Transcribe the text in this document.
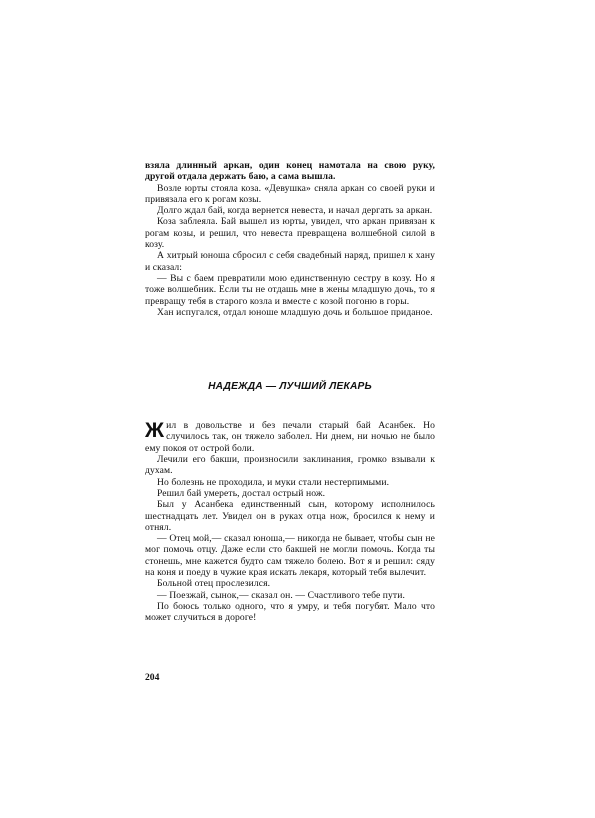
взяла длинный аркан, один конец намотала на свою руку, другой отдала держать баю, а сама вышла.

Возле юрты стояла коза. «Девушка» сняла аркан со своей руки и привязала его к рогам козы.

Долго ждал бай, когда вернется невеста, и начал дергать за аркан.

Коза заблеяла. Бай вышел из юрты, увидел, что аркан привязан к рогам козы, и решил, что невеста превращена волшебной силой в козу.

А хитрый юноша сбросил с себя свадебный наряд, пришел к хану и сказал:

— Вы с баем превратили мою единственную сестру в козу. Но я тоже волшебник. Если ты не отдашь мне в жены младшую дочь, то я превращу тебя в старого козла и вместе с козой погоню в горы.

Хан испугался, отдал юноше младшую дочь и большое приданое.

НАДЕЖДА — ЛУЧШИЙ ЛЕКАРЬ

Жил в довольстве и без печали старый бай Асанбек. Но случилось так, он тяжело заболел. Ни днем, ни ночью не было ему покоя от острой боли.

Лечили его бакши, произносили заклинания, громко взывали к духам.

Но болезнь не проходила, и муки стали нестерпимыми.

Решил бай умереть, достал острый нож.

Был у Асанбека единственный сын, которому исполнилось шестнадцать лет. Увидел он в руках отца нож, бросился к нему и отнял.

— Отец мой,— сказал юноша,— никогда не бывает, чтобы сын не мог помочь отцу. Даже если сто бакшей не могли помочь. Когда ты стонешь, мне кажется будто сам тяжело болею. Вот я и решил: сяду на коня и поеду в чужие края искать лекаря, который тебя вылечит.

Больной отец прослезился.

— Поезжай, сынок,— сказал он. — Счастливого тебе пути.

По боюсь только одного, что я умру, и тебя погубят. Мало что может случиться в дороге!

204
